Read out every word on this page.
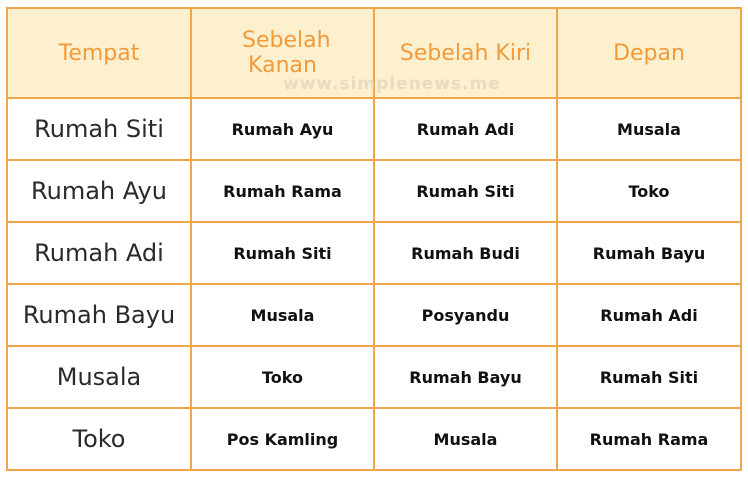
Tempat	Sebelah Kanan	Sebelah Kiri	Depan
Rumah Siti	Rumah Ayu	Rumah Adi	Musala
Rumah Ayu	Rumah Rama	Rumah Siti	Toko
Rumah Adi	Rumah Siti	Rumah Budi	Rumah Bayu
Rumah Bayu	Musala	Posyandu	Rumah Adi
Musala	Toko	Rumah Bayu	Rumah Siti
Toko	Pos Kamling	Musala	Rumah Rama
www.simplenews.me
